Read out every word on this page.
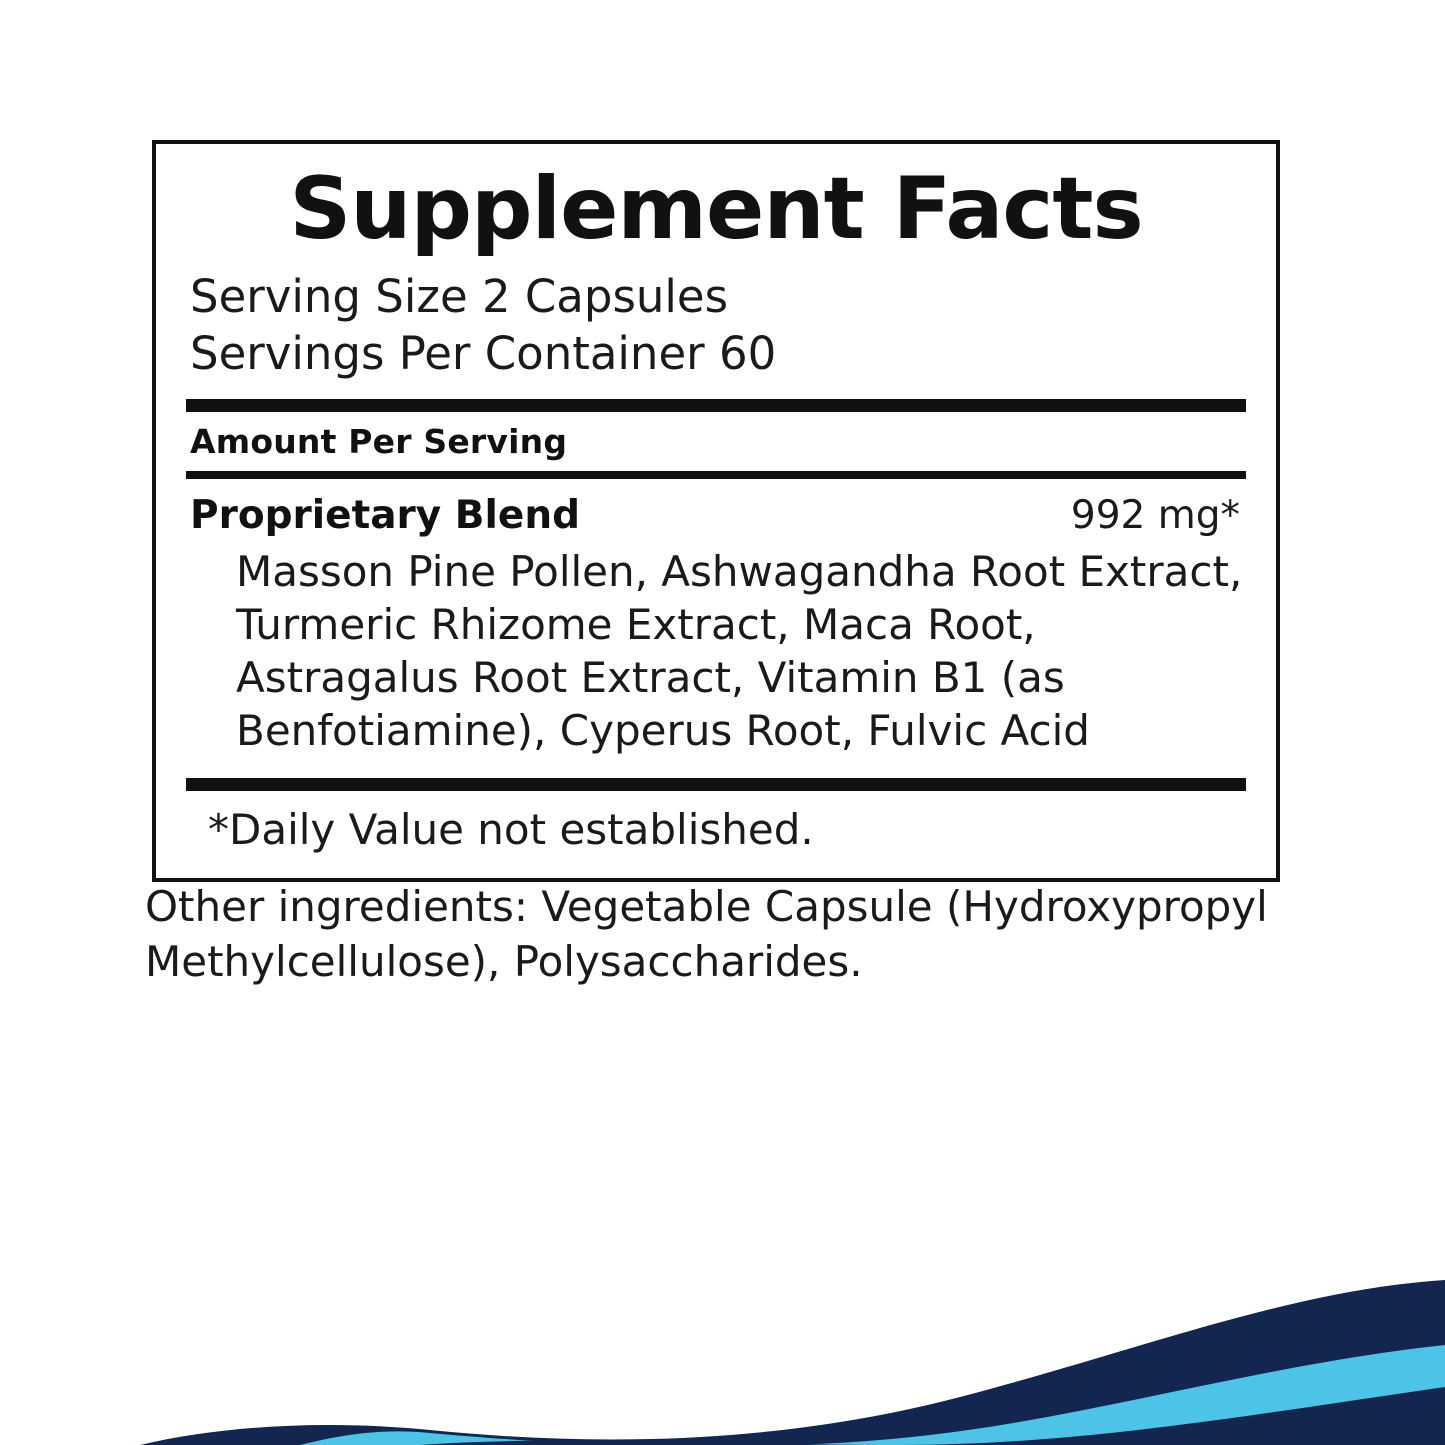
Supplement Facts
Serving Size 2 Capsules
Servings Per Container 60
Amount Per Serving
Proprietary Blend	992 mg*
Masson Pine Pollen, Ashwagandha Root Extract, Turmeric Rhizome Extract, Maca Root, Astragalus Root Extract, Vitamin B1 (as Benfotiamine), Cyperus Root, Fulvic Acid
*Daily Value not established.
Other ingredients: Vegetable Capsule (Hydroxypropyl Methylcellulose), Polysaccharides.
